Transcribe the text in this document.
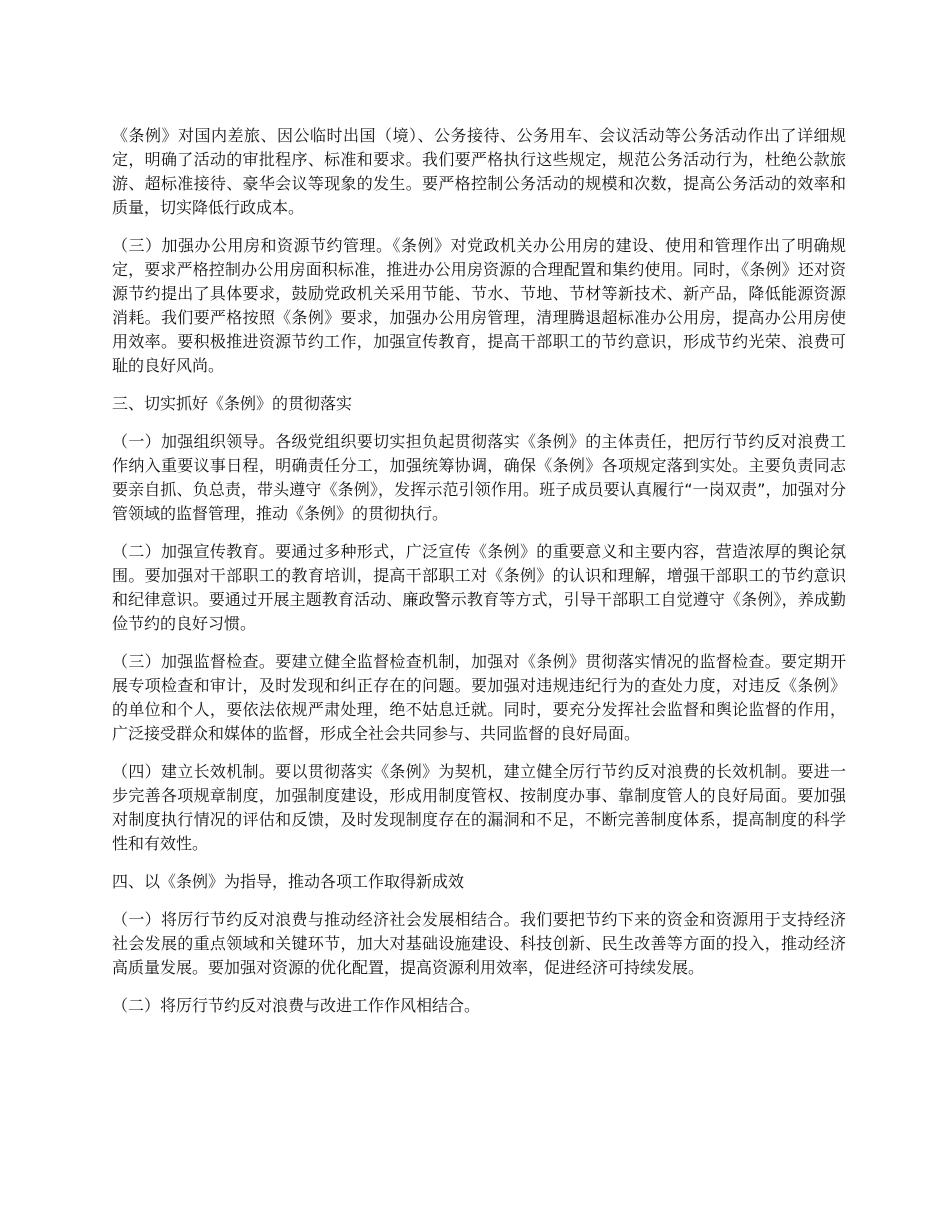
《条例》对国内差旅、因公临时出国（境）、公务接待、公务用车、会议活动等公务活动作出了详细规定，明确了活动的审批程序、标准和要求。我们要严格执行这些规定，规范公务活动行为，杜绝公款旅游、超标准接待、豪华会议等现象的发生。要严格控制公务活动的规模和次数，提高公务活动的效率和质量，切实降低行政成本。

（三）加强办公用房和资源节约管理。《条例》对党政机关办公用房的建设、使用和管理作出了明确规定，要求严格控制办公用房面积标准，推进办公用房资源的合理配置和集约使用。同时，《条例》还对资源节约提出了具体要求，鼓励党政机关采用节能、节水、节地、节材等新技术、新产品，降低能源资源消耗。我们要严格按照《条例》要求，加强办公用房管理，清理腾退超标准办公用房，提高办公用房使用效率。要积极推进资源节约工作，加强宣传教育，提高干部职工的节约意识，形成节约光荣、浪费可耻的良好风尚。

三、切实抓好《条例》的贯彻落实

（一）加强组织领导。各级党组织要切实担负起贯彻落实《条例》的主体责任，把厉行节约反对浪费工作纳入重要议事日程，明确责任分工，加强统筹协调，确保《条例》各项规定落到实处。主要负责同志要亲自抓、负总责，带头遵守《条例》，发挥示范引领作用。班子成员要认真履行“一岗双责”，加强对分管领域的监督管理，推动《条例》的贯彻执行。

（二）加强宣传教育。要通过多种形式，广泛宣传《条例》的重要意义和主要内容，营造浓厚的舆论氛围。要加强对干部职工的教育培训，提高干部职工对《条例》的认识和理解，增强干部职工的节约意识和纪律意识。要通过开展主题教育活动、廉政警示教育等方式，引导干部职工自觉遵守《条例》，养成勤俭节约的良好习惯。

（三）加强监督检查。要建立健全监督检查机制，加强对《条例》贯彻落实情况的监督检查。要定期开展专项检查和审计，及时发现和纠正存在的问题。要加强对违规违纪行为的查处力度，对违反《条例》的单位和个人，要依法依规严肃处理，绝不姑息迁就。同时，要充分发挥社会监督和舆论监督的作用，广泛接受群众和媒体的监督，形成全社会共同参与、共同监督的良好局面。

（四）建立长效机制。要以贯彻落实《条例》为契机，建立健全厉行节约反对浪费的长效机制。要进一步完善各项规章制度，加强制度建设，形成用制度管权、按制度办事、靠制度管人的良好局面。要加强对制度执行情况的评估和反馈，及时发现制度存在的漏洞和不足，不断完善制度体系，提高制度的科学性和有效性。

四、以《条例》为指导，推动各项工作取得新成效

（一）将厉行节约反对浪费与推动经济社会发展相结合。我们要把节约下来的资金和资源用于支持经济社会发展的重点领域和关键环节，加大对基础设施建设、科技创新、民生改善等方面的投入，推动经济高质量发展。要加强对资源的优化配置，提高资源利用效率，促进经济可持续发展。

（二）将厉行节约反对浪费与改进工作作风相结合。
